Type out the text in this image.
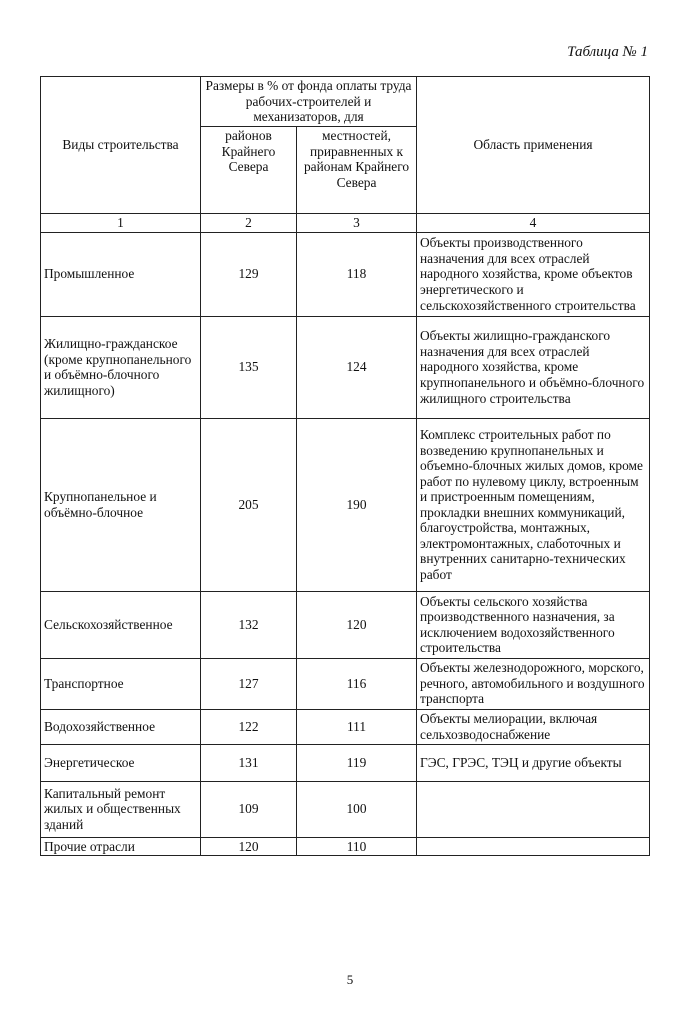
Таблица № 1
Виды строительства	Размеры в % от фонда оплаты труда рабочих-строителей и механизаторов, для		Область применения
	районов Крайнего Севера	местностей, приравненных к районам Крайнего Севера	
1	2	3	4
Промышленное	129	118	Объекты производственного назначения для всех отраслей народного хозяйства, кроме объектов энергетического и сельскохозяйственного строительства
Жилищно-гражданское (кроме крупнопанельного и объёмно-блочного жилищного)	135	124	Объекты жилищно-гражданского назначения для всех отраслей народного хозяйства, кроме крупнопанельного и объёмно-блочного жилищного строительства
Крупнопанельное и объёмно-блочное	205	190	Комплекс строительных работ по возведению крупнопанельных и объемно-блочных жилых домов, кроме работ по нулевому циклу, встроенным и пристроенным помещениям, прокладки внешних коммуникаций, благоустройства, монтажных, электромонтажных, слаботочных и внутренних санитарно-технических работ
Сельскохозяйственное	132	120	Объекты сельского хозяйства производственного назначения, за исключением водохозяйственного строительства
Транспортное	127	116	Объекты железнодорожного, морского, речного, автомобильного и воздушного транспорта
Водохозяйственное	122	111	Объекты мелиорации, включая сельхозводоснабжение
Энергетическое	131	119	ГЭС, ГРЭС, ТЭЦ и другие объекты
Капитальный ремонт жилых и общественных зданий	109	100	
Прочие отрасли	120	110	
5
